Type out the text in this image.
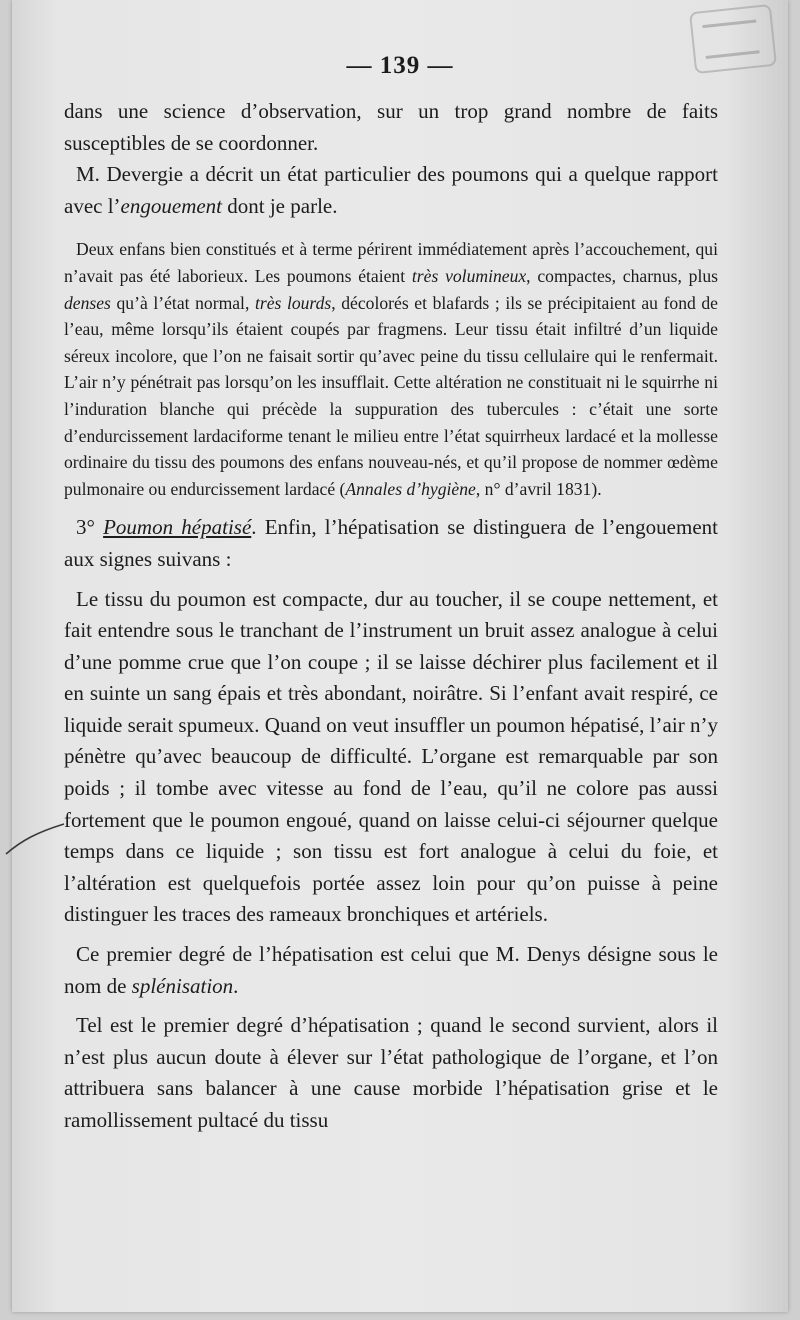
— 139 —

dans une science d’observation, sur un trop grand nombre de faits susceptibles de se coordonner.

M. Devergie a décrit un état particulier des poumons qui a quelque rapport avec l’engouement dont je parle.

Deux enfans bien constitués et à terme périrent immédiatement après l’accouchement, qui n’avait pas été laborieux. Les poumons étaient très volumineux, compactes, charnus, plus denses qu’à l’état normal, très lourds, décolorés et blafards ; ils se précipitaient au fond de l’eau, même lorsqu’ils étaient coupés par fragmens. Leur tissu était infiltré d’un liquide séreux incolore, que l’on ne faisait sortir qu’avec peine du tissu cellulaire qui le renfermait. L’air n’y pénétrait pas lorsqu’on les insufflait. Cette altération ne constituait ni le squirrhe ni l’induration blanche qui précède la suppuration des tubercules : c’était une sorte d’endurcissement lardaciforme tenant le milieu entre l’état squirrheux lardacé et la mollesse ordinaire du tissu des poumons des enfans nouveau-nés, et qu’il propose de nommer œdème pulmonaire ou endurcissement lardacé (Annales d’hygiène, n° d’avril 1831).

3° Poumon hépatisé. Enfin, l’hépatisation se distinguera de l’engouement aux signes suivans :

Le tissu du poumon est compacte, dur au toucher, il se coupe nettement, et fait entendre sous le tranchant de l’instrument un bruit assez analogue à celui d’une pomme crue que l’on coupe ; il se laisse déchirer plus facilement et il en suinte un sang épais et très abondant, noirâtre. Si l’enfant avait respiré, ce liquide serait spumeux. Quand on veut insuffler un poumon hépatisé, l’air n’y pénètre qu’avec beaucoup de difficulté. L’organe est remarquable par son poids ; il tombe avec vitesse au fond de l’eau, qu’il ne colore pas aussi fortement que le poumon engoué, quand on laisse celui-ci séjourner quelque temps dans ce liquide ; son tissu est fort analogue à celui du foie, et l’altération est quelquefois portée assez loin pour qu’on puisse à peine distinguer les traces des rameaux bronchiques et artériels.

Ce premier degré de l’hépatisation est celui que M. Denys désigne sous le nom de splénisation.

Tel est le premier degré d’hépatisation ; quand le second survient, alors il n’est plus aucun doute à élever sur l’état pathologique de l’organe, et l’on attribuera sans balancer à une cause morbide l’hépatisation grise et le ramollissement pultacé du tissu
